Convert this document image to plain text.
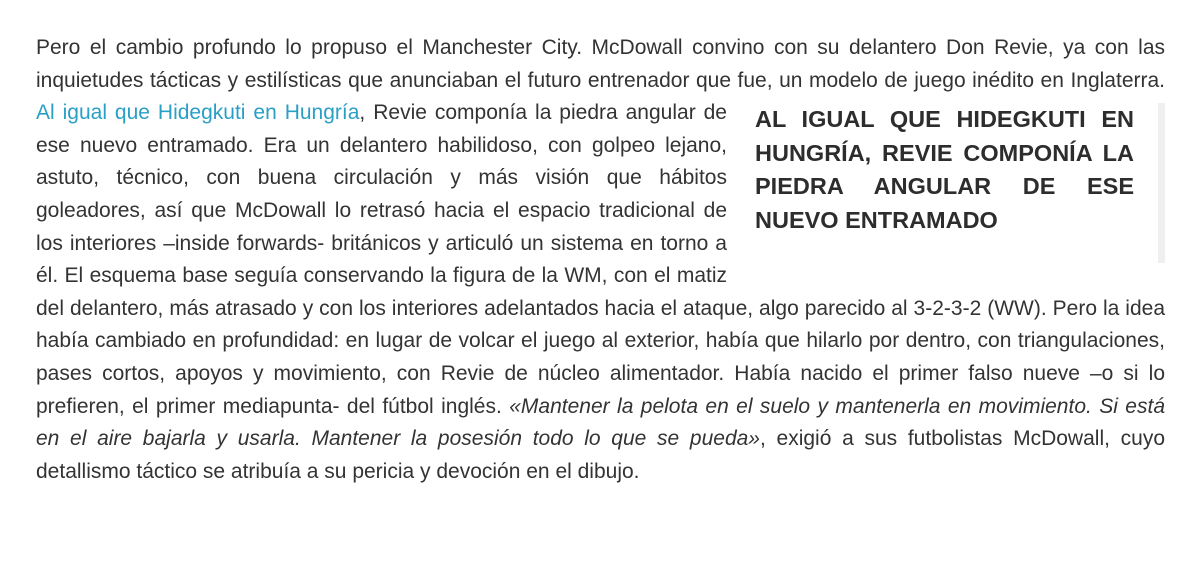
Pero el cambio profundo lo propuso el Manchester City. McDowall convino con su delantero Don Revie, ya con las inquietudes tácticas y estilísticas que anunciaban el futuro entrenador que fue, un modelo de juego inédito en Inglaterra. Al igual que Hidegkuti en Hungría,	AL IGUAL QUE HIDEGKUTI EN HUNGRÍA, REVIE COMPONÍA LA PIEDRA ANGULAR DE ESE NUEVO ENTRAMADO
Revie componía la piedra angular de ese nuevo entramado. Era un delantero habilidoso, con golpeo lejano, astuto, técnico, con buena circulación y más visión que hábitos goleadores, así que McDowall lo retrasó hacia el espacio tradicional de los interiores –inside forwards- británicos y articuló un sistema en torno a él. El esquema base seguía conservando la figura de la WM, con el matiz del delantero, más atrasado y con los interiores adelantados hacia el ataque, algo parecido al 3-2-3-2 (WW). Pero la idea había cambiado en profundidad: en lugar de volcar el juego al exterior, había que hilarlo por dentro, con triangulaciones, pases cortos, apoyos y movimiento, con Revie de núcleo alimentador. Había nacido el primer falso nueve –o si lo prefieren, el primer mediapunta- del fútbol inglés. «Mantener la pelota en el suelo y mantenerla en movimiento. Si está en el aire bajarla y usarla. Mantener la posesión todo lo que se pueda», exigió a sus futbolistas McDowall, cuyo detallismo táctico se atribuía a su pericia y devoción en el dibujo.
